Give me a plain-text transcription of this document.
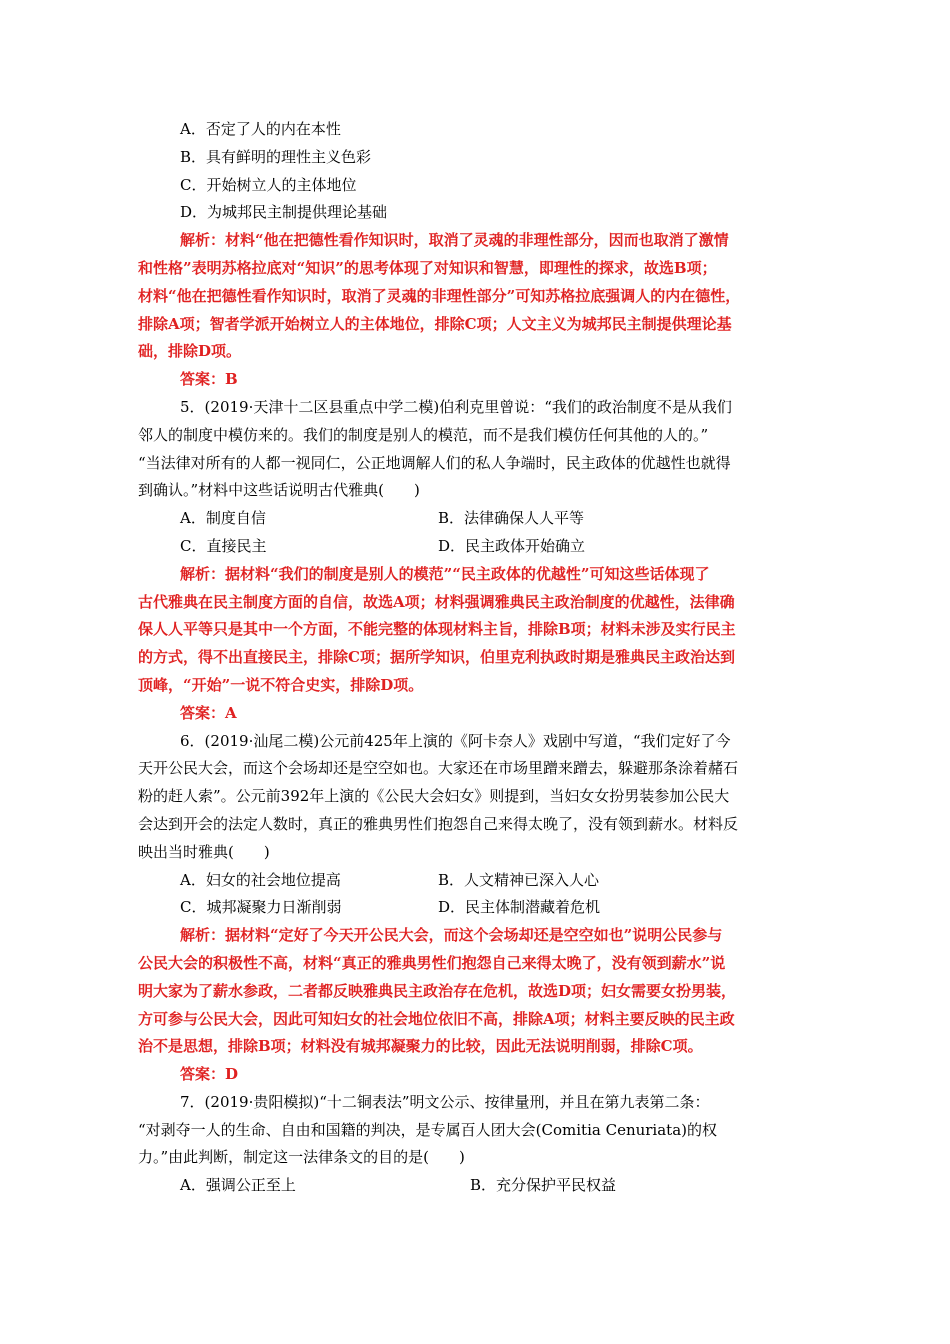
A．否定了人的内在本性
B．具有鲜明的理性主义色彩
C．开始树立人的主体地位
D．为城邦民主制提供理论基础
解析：材料“他在把德性看作知识时，取消了灵魂的非理性部分，因而也取消了激情
和性格”表明苏格拉底对“知识”的思考体现了对知识和智慧，即理性的探求，故选B项；
材料“他在把德性看作知识时，取消了灵魂的非理性部分”可知苏格拉底强调人的内在德性，
排除A项；智者学派开始树立人的主体地位，排除C项；人文主义为城邦民主制提供理论基
础，排除D项。
答案：B
5．(2019·天津十二区县重点中学二模)伯利克里曾说：“我们的政治制度不是从我们
邻人的制度中模仿来的。我们的制度是别人的模范，而不是我们模仿任何其他的人的。”
“当法律对所有的人都一视同仁，公正地调解人们的私人争端时，民主政体的优越性也就得
到确认。”材料中这些话说明古代雅典(　　)
A．制度自信	B．法律确保人人平等
C．直接民主	D．民主政体开始确立
解析：据材料“我们的制度是别人的模范”“民主政体的优越性”可知这些话体现了
古代雅典在民主制度方面的自信，故选A项；材料强调雅典民主政治制度的优越性，法律确
保人人平等只是其中一个方面，不能完整的体现材料主旨，排除B项；材料未涉及实行民主
的方式，得不出直接民主，排除C项；据所学知识，伯里克利执政时期是雅典民主政治达到
顶峰，“开始”一说不符合史实，排除D项。
答案：A
6．(2019·汕尾二模)公元前425年上演的《阿卡奈人》戏剧中写道，“我们定好了今
天开公民大会，而这个会场却还是空空如也。大家还在市场里蹭来蹭去，躲避那条涂着赭石
粉的赶人索”。公元前392年上演的《公民大会妇女》则提到，当妇女女扮男装参加公民大
会达到开会的法定人数时，真正的雅典男性们抱怨自己来得太晚了，没有领到薪水。材料反
映出当时雅典(　　)
A．妇女的社会地位提高	B．人文精神已深入人心
C．城邦凝聚力日渐削弱	D．民主体制潜藏着危机
解析：据材料“定好了今天开公民大会，而这个会场却还是空空如也”说明公民参与
公民大会的积极性不高，材料“真正的雅典男性们抱怨自己来得太晚了，没有领到薪水”说
明大家为了薪水参政，二者都反映雅典民主政治存在危机，故选D项；妇女需要女扮男装，
方可参与公民大会，因此可知妇女的社会地位依旧不高，排除A项；材料主要反映的民主政
治不是思想，排除B项；材料没有城邦凝聚力的比较，因此无法说明削弱，排除C项。
答案：D
7．(2019·贵阳模拟)“十二铜表法”明文公示、按律量刑，并且在第九表第二条：
“对剥夺一人的生命、自由和国籍的判决，是专属百人团大会(Comitia Cenuriata)的权
力。”由此判断，制定这一法律条文的目的是(　　)
A．强调公正至上	B．充分保护平民权益
